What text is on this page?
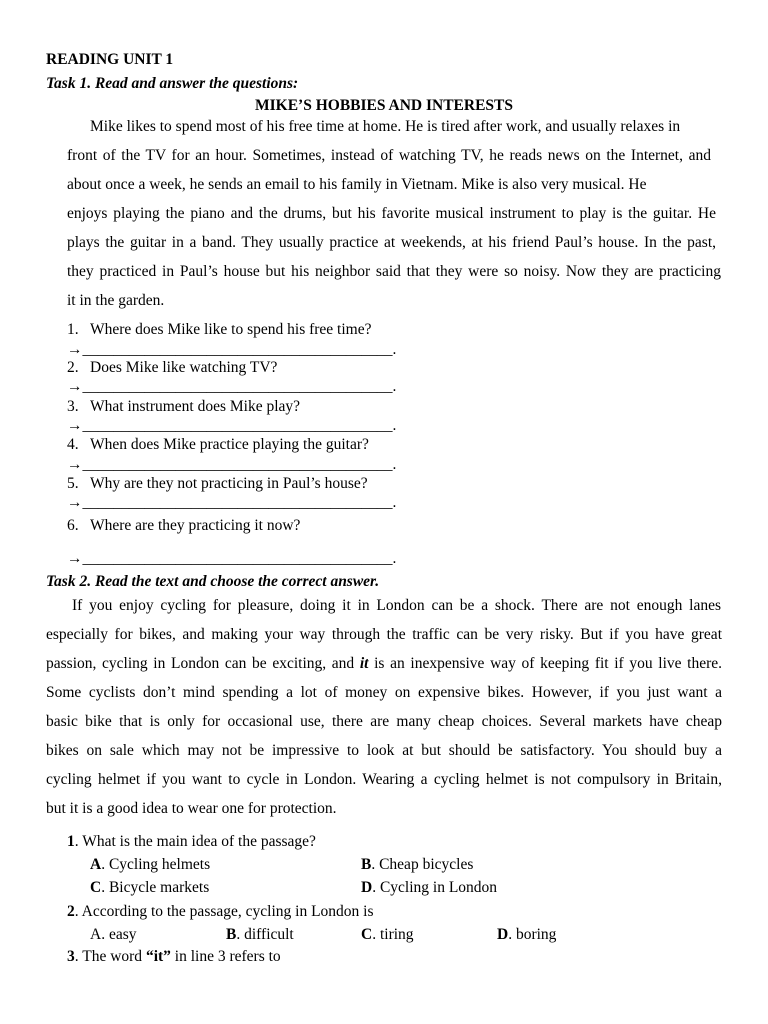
READING UNIT 1
Task 1. Read and answer the questions:
MIKE’S HOBBIES AND INTERESTS
Mike likes to spend most of his free time at home. He is tired after work, and usually relaxes in
front of the TV for an hour. Sometimes, instead of watching TV, he reads news on the Internet, and
about once a week, he sends an email to his family in Vietnam. Mike is also very musical. He
enjoys playing the piano and the drums, but his favorite musical instrument to play is the guitar. He
plays the guitar in a band. They usually practice at weekends, at his friend Paul’s house. In the past,
they practiced in Paul’s house but his neighbor said that they were so noisy. Now they are practicing
it in the garden.
1. Where does Mike like to spend his free time?
→________________________________________.
2. Does Mike like watching TV?
→________________________________________.
3. What instrument does Mike play?
→________________________________________.
4. When does Mike practice playing the guitar?
→________________________________________.
5. Why are they not practicing in Paul’s house?
→________________________________________.
6. Where are they practicing it now?
→________________________________________.
Task 2. Read the text and choose the correct answer.
If you enjoy cycling for pleasure, doing it in London can be a shock. There are not enough lanes
especially for bikes, and making your way through the traffic can be very risky. But if you have great
passion, cycling in London can be exciting, and it is an inexpensive way of keeping fit if you live there.
Some cyclists don’t mind spending a lot of money on expensive bikes. However, if you just want a
basic bike that is only for occasional use, there are many cheap choices. Several markets have cheap
bikes on sale which may not be impressive to look at but should be satisfactory. You should buy a
cycling helmet if you want to cycle in London. Wearing a cycling helmet is not compulsory in Britain,
but it is a good idea to wear one for protection.
1. What is the main idea of the passage?
A. Cycling helmets	B. Cheap bicycles
C. Bicycle markets	D. Cycling in London
2. According to the passage, cycling in London is
A. easy	B. difficult	C. tiring	D. boring
3. The word “it” in line 3 refers to
